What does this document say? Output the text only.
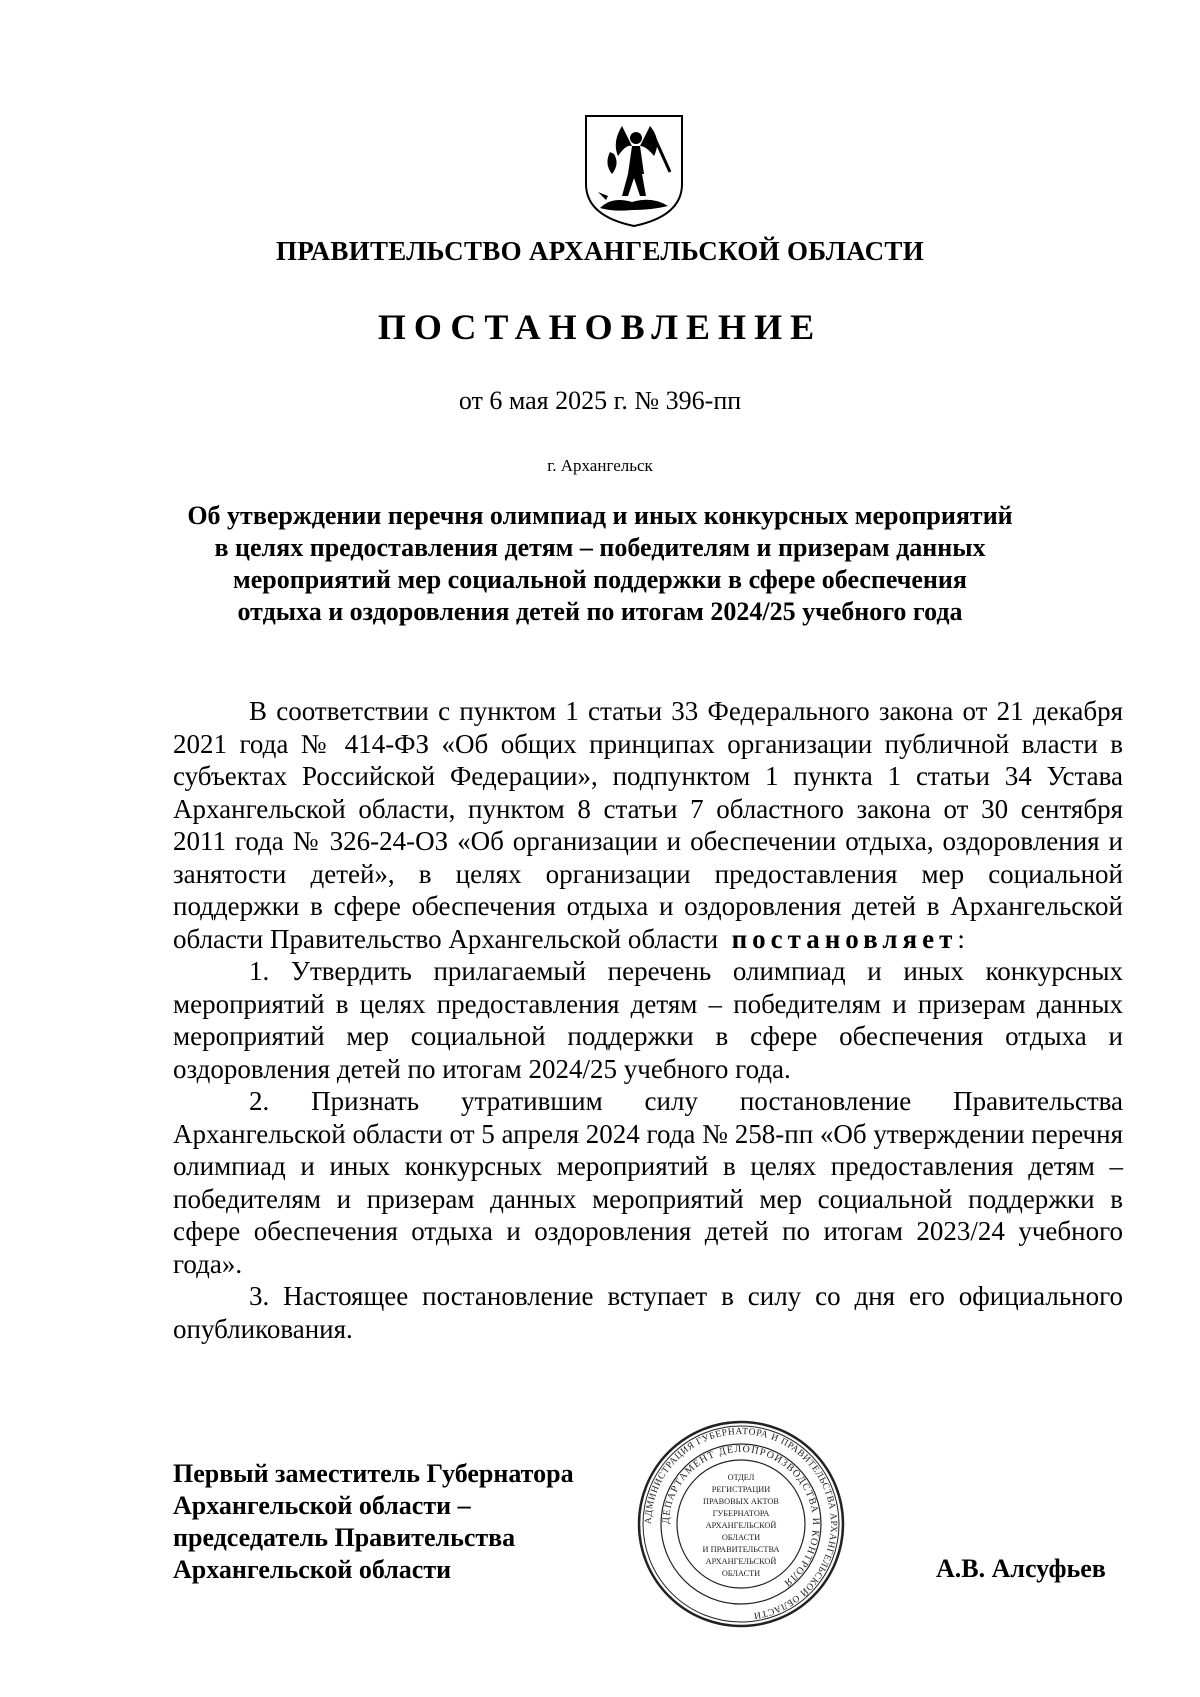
ПРАВИТЕЛЬСТВО АРХАНГЕЛЬСКОЙ ОБЛАСТИ
ПОСТАНОВЛЕНИЕ
от 6 мая 2025 г. № 396-пп
г. Архангельск
Об утверждении перечня олимпиад и иных конкурсных мероприятий
в целях предоставления детям – победителям и призерам данных
мероприятий мер социальной поддержки в сфере обеспечения
отдыха и оздоровления детей по итогам 2024/25 учебного года

В соответствии с пунктом 1 статьи 33 Федерального закона от 21 декабря 2021 года № 414-ФЗ «Об общих принципах организации публичной власти в субъектах Российской Федерации», подпунктом 1 пункта 1 статьи 34 Устава Архангельской области, пунктом 8 статьи 7 областного закона от 30 сентября 2011 года № 326-24-ОЗ «Об организации и обеспечении отдыха, оздоровления и занятости детей», в целях организации предоставления мер социальной поддержки в сфере обеспечения отдыха и оздоровления детей в Архангельской области Правительство Архангельской области постановляет:

1. Утвердить прилагаемый перечень олимпиад и иных конкурсных мероприятий в целях предоставления детям – победителям и призерам данных мероприятий мер социальной поддержки в сфере обеспечения отдыха и оздоровления детей по итогам 2024/25 учебного года.

2. Признать утратившим силу постановление Правительства Архангельской области от 5 апреля 2024 года № 258-пп «Об утверждении перечня олимпиад и иных конкурсных мероприятий в целях предоставления детям – победителям и призерам данных мероприятий мер социальной поддержки в сфере обеспечения отдыха и оздоровления детей по итогам 2023/24 учебного года».

3. Настоящее постановление вступает в силу со дня его официального опубликования.

Первый заместитель Губернатора
Архангельской области –
председатель Правительства
Архангельской области
АДМИНИСТРАЦИЯ ГУБЕРНАТОРА И ПРАВИТЕЛЬСТВА АРХАНГЕЛЬСКОЙ ОБЛАСТИ
ДЕПАРТАМЕНТ ДЕЛОПРОИЗВОДСТВА И КОНТРОЛЯ
ОТДЕЛ
РЕГИСТРАЦИИ
ПРАВОВЫХ АКТОВ
ГУБЕРНАТОРА
АРХАНГЕЛЬСКОЙ
ОБЛАСТИ
И ПРАВИТЕЛЬСТВА
АРХАНГЕЛЬСКОЙ
ОБЛАСТИ	А.В. Алсуфьев
